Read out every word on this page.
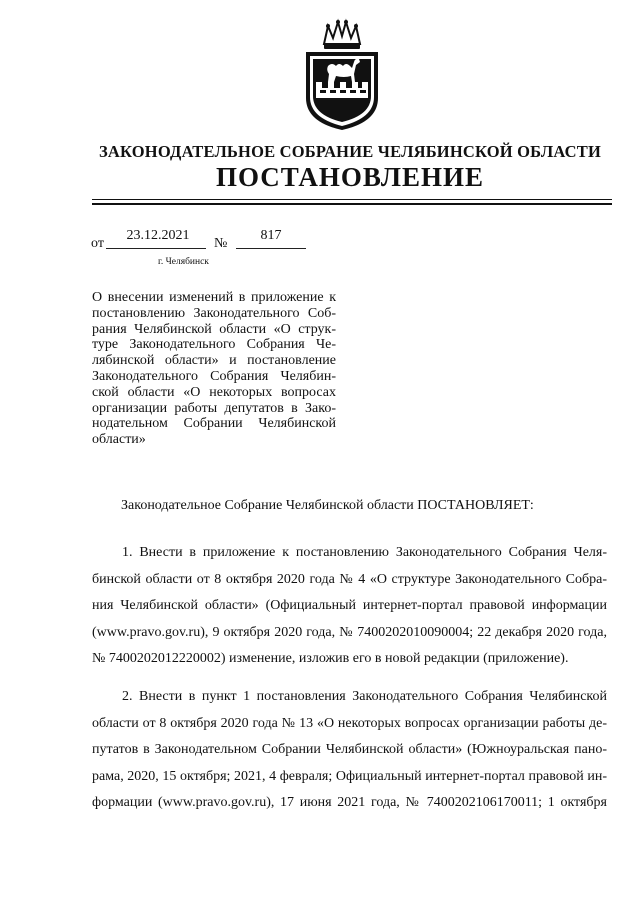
ЗАКОНОДАТЕЛЬНОЕ СОБРАНИЕ ЧЕЛЯБИНСКОЙ ОБЛАСТИ
ПОСТАНОВЛЕНИЕ
от
23.12.2021
№
817
г. Челябинск
О внесении изменений в приложение к
постановлению Законодательного Соб-
рания Челябинской области «О струк-
туре Законодательного Собрания Че-
лябинской области» и постановление
Законодательного Собрания Челябин-
ской области «О некоторых вопросах
организации работы депутатов в Зако-
нодательном Собрании Челябинской
области»
Законодательное Собрание Челябинской области ПОСТАНОВЛЯЕТ:
1. Внести в приложение к постановлению Законодательного Собрания Челя-
бинской области от 8 октября 2020 года № 4 «О структуре Законодательного Собра-
ния Челябинской области» (Официальный интернет-портал правовой информации
(www.pravo.gov.ru), 9 октября 2020 года, № 7400202010090004; 22 декабря 2020 года,
№ 7400202012220002) изменение, изложив его в новой редакции (приложение).
2. Внести в пункт 1 постановления Законодательного Собрания Челябинской
области от 8 октября 2020 года № 13 «О некоторых вопросах организации работы де-
путатов в Законодательном Собрании Челябинской области» (Южноуральская пано-
рама, 2020, 15 октября; 2021, 4 февраля; Официальный интернет-портал правовой ин-
формации (www.pravo.gov.ru), 17 июня 2021 года, № 7400202106170011; 1 октября
